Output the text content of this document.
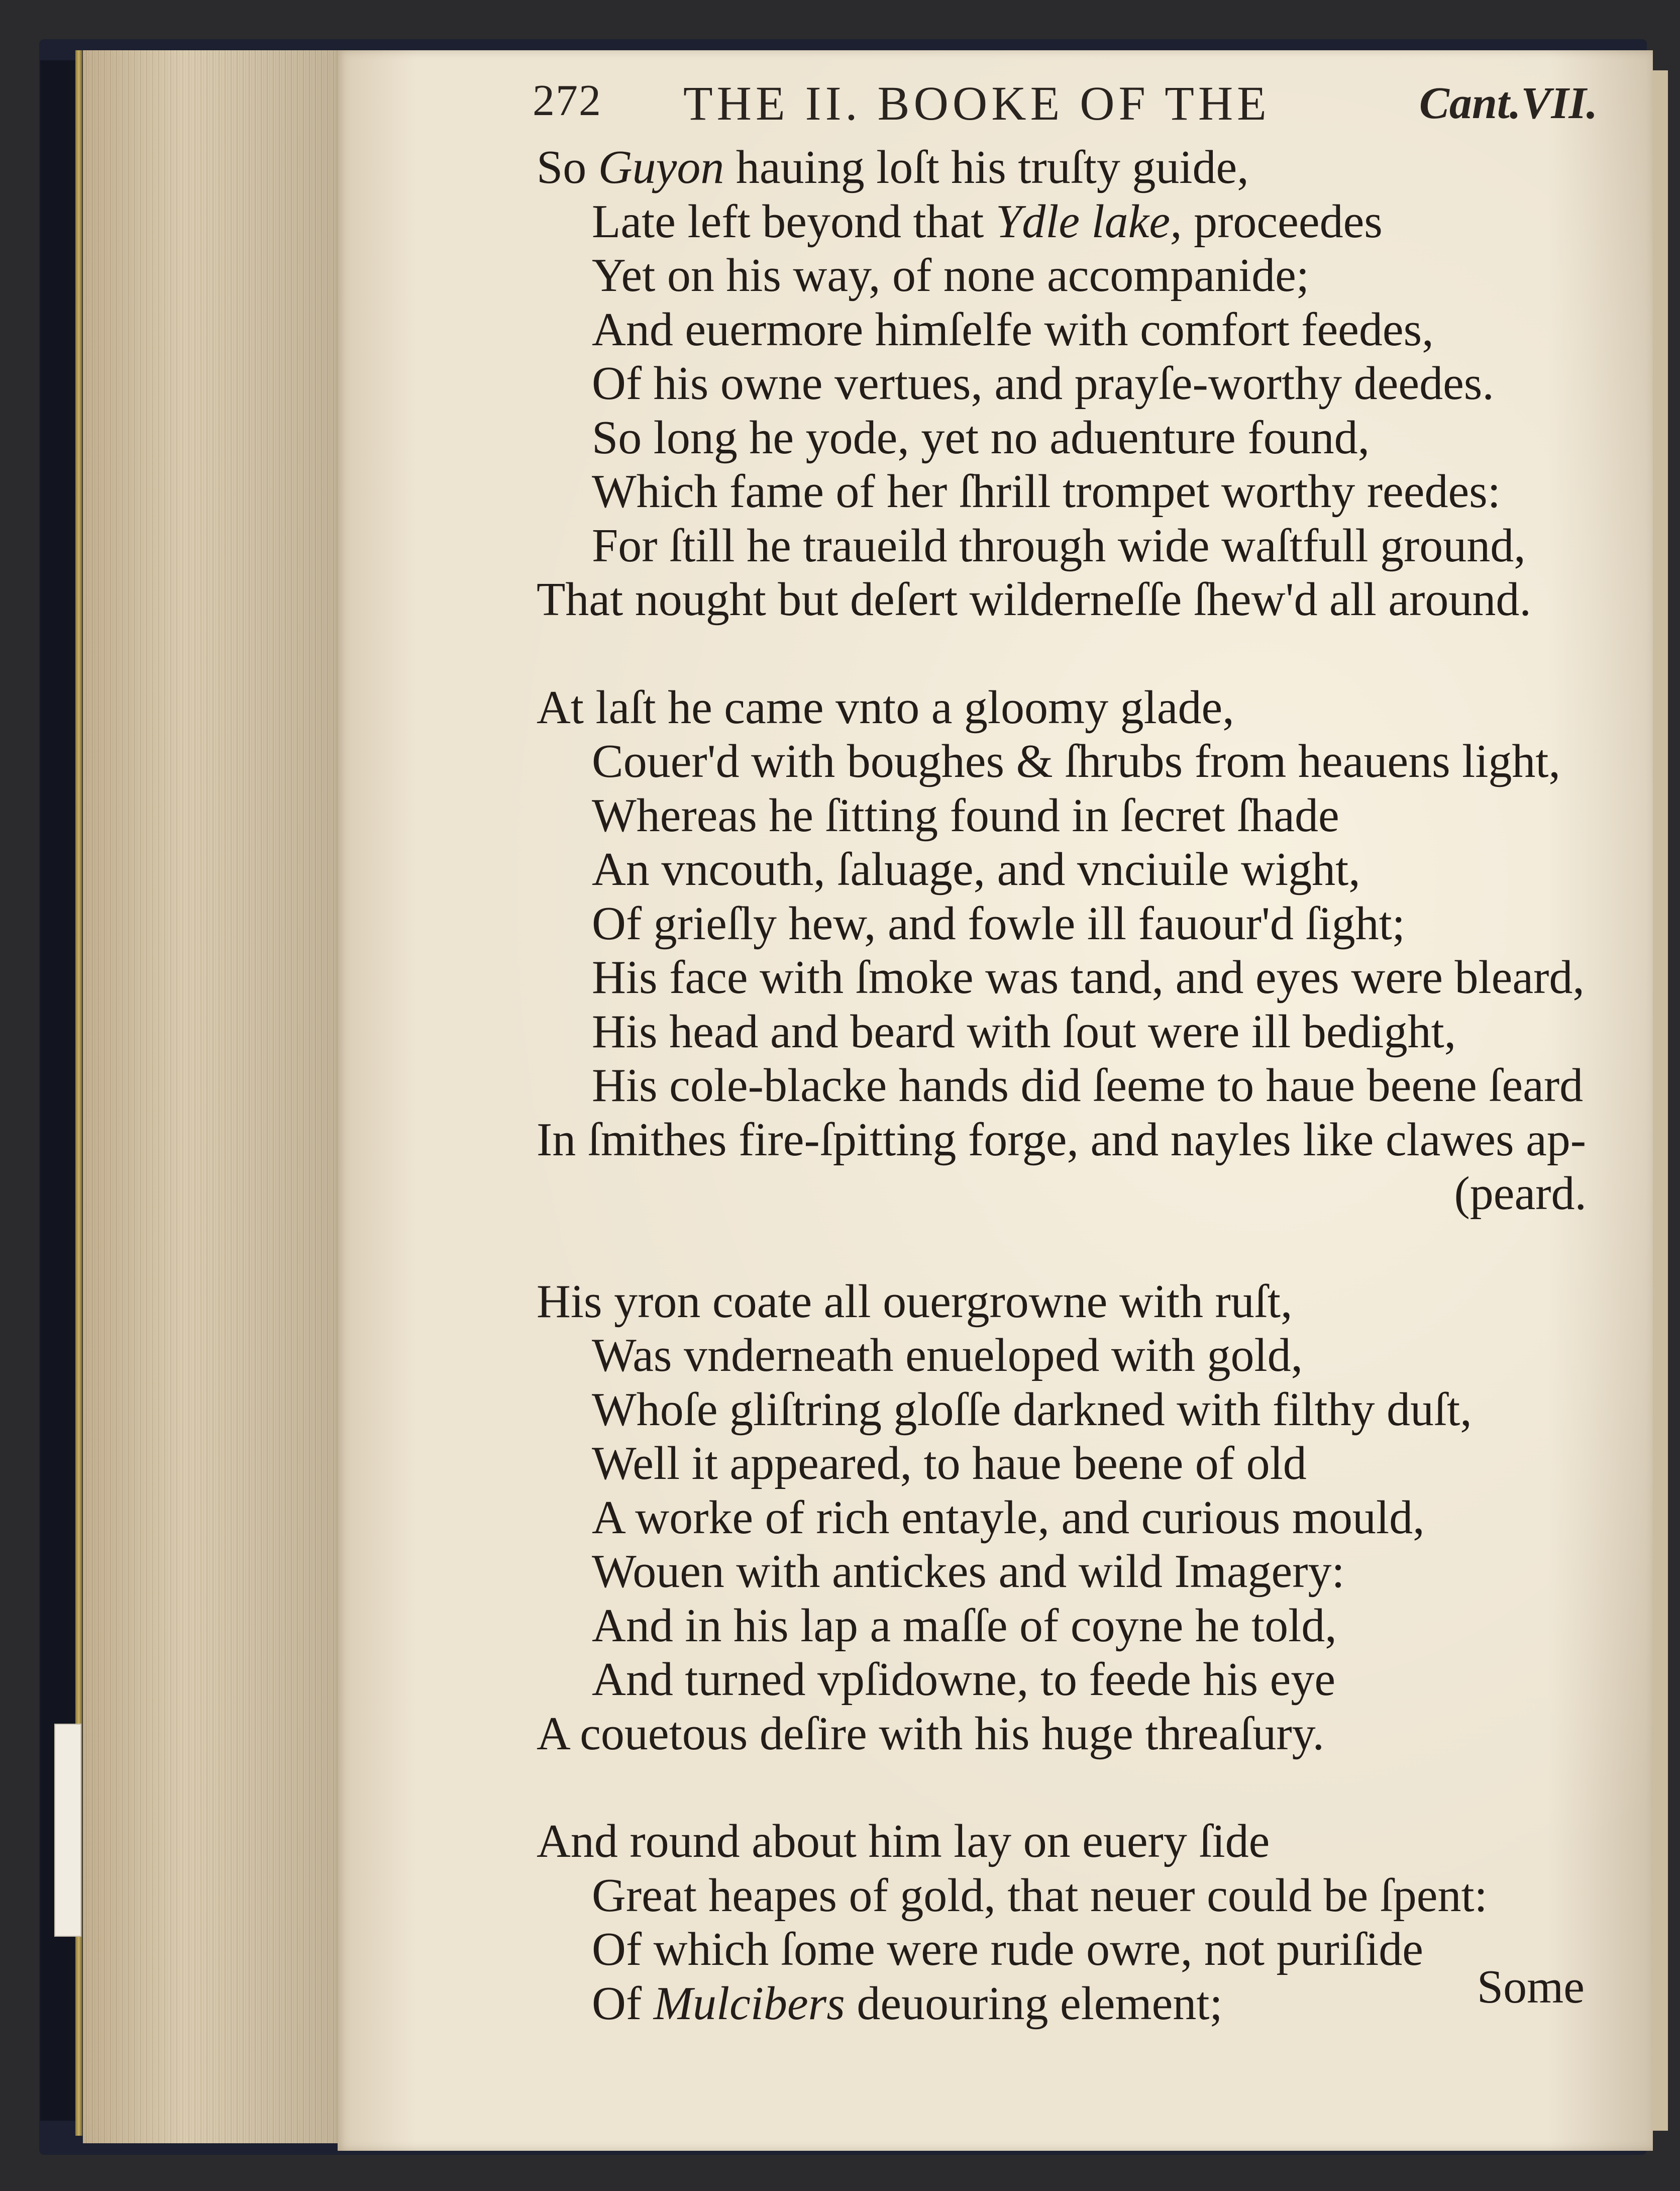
272 THE II. BOOKE OF THE	Cant.VII.
So Guyon hauing loſt his truſty guide,
Late left beyond that Ydle lake, proceedes
Yet on his way, of none accompanide;
And euermore himſelfe with comfort feedes,
Of his owne vertues, and prayſe-worthy deedes.
So long he yode, yet no aduenture found,
Which fame of her ſhrill trompet worthy reedes:
For ſtill he traueild through wide waſtfull ground,
That nought but deſert wilderneſſe ſhew'd all around.
At laſt he came vnto a gloomy glade,
Couer'd with boughes & ſhrubs from heauens light,
Whereas he ſitting found in ſecret ſhade
An vncouth, ſaluage, and vnciuile wight,
Of grieſly hew, and fowle ill fauour'd ſight;
His face with ſmoke was tand, and eyes were bleard,
His head and beard with ſout were ill bedight,
His cole-blacke hands did ſeeme to haue beene ſeard
In ſmithes fire-ſpitting forge, and nayles like clawes ap-
(peard.
His yron coate all ouergrowne with ruſt,
Was vnderneath enueloped with gold,
Whoſe gliſtring gloſſe darkned with filthy duſt,
Well it appeared, to haue beene of old
A worke of rich entayle, and curious mould,
Wouen with antickes and wild Imagery:
And in his lap a maſſe of coyne he told,
And turned vpſidowne, to feede his eye
A couetous deſire with his huge threaſury.
And round about him lay on euery ſide
Great heapes of gold, that neuer could be ſpent:
Of which ſome were rude owre, not puriſide
Of Mulcibers deuouring element;	Some
